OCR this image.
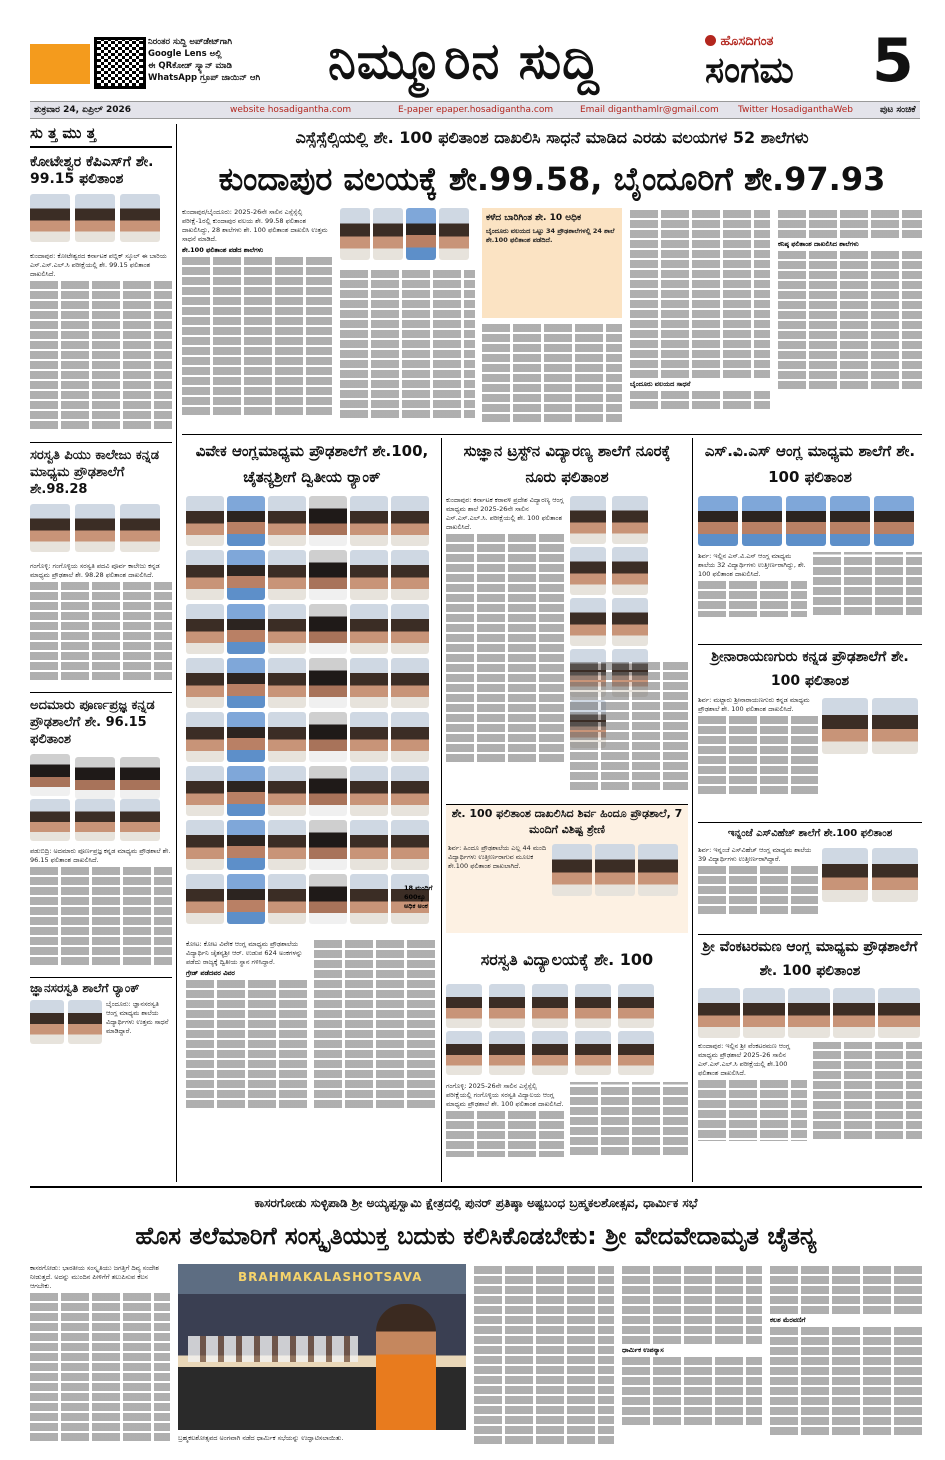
ನಿರಂತರ ಸುದ್ದಿ ಅಪ್‌ಡೇಟ್‌ಗಾಗಿ
Google Lens ಅಲ್ಲಿ
ಈ QRಕೋಡ್ ಸ್ಕ್ಯಾನ್ ಮಾಡಿ
WhatsApp ಗ್ರೂಪ್ ಜಾಯಿನ್ ಆಗಿ	ನಿಮ್ಮೂರಿನ ಸುದ್ದಿ	ಹೊಸದಿಗಂತ
ಸಂಗಮ 5
ಶುಕ್ರವಾರ 24, ಏಪ್ರಿಲ್ 2026	website hosadigantha.com	E-paper epaper.hosadigantha.com	Email diganthamlr@gmail.com Twitter HosadiganthaWeb	ಪುಟ ಸಂಚಿಕೆ
ಸು ತ್ತ ಮು ತ್ತ
ಕೋಟೇಶ್ವರ ಕೆಪಿಎಸ್‌ಗೆ ಶೇ. 99.15 ಫಲಿತಾಂಶ

ಕುಂದಾಪುರ: ಕೋಟೇಶ್ವರದ ಕರ್ನಾಟಕ ಪಬ್ಲಿಕ್ ಸ್ಕೂಲ್ ಈ ಬಾರಿಯ ಎಸ್.ಎಸ್.ಎಲ್.ಸಿ ಪರೀಕ್ಷೆಯಲ್ಲಿ ಶೇ. 99.15 ಫಲಿತಾಂಶ ದಾಖಲಿಸಿದೆ.

ಸರಸ್ವತಿ ಪಿಯು ಕಾಲೇಜು ಕನ್ನಡ ಮಾಧ್ಯಮ ಪ್ರೌಢಶಾಲೆಗೆ ಶೇ.98.28

ಗಂಗೊಳ್ಳಿ: ಗಂಗೊಳ್ಳಿಯ ಸರಸ್ವತಿ ಪದವಿ ಪೂರ್ವ ಕಾಲೇಜು ಕನ್ನಡ ಮಾಧ್ಯಮ ಪ್ರೌಢಶಾಲೆ ಶೇ. 98.28 ಫಲಿತಾಂಶ ದಾಖಲಿಸಿದೆ.

ಅದಮಾರು ಪೂರ್ಣಪ್ರಜ್ಞ ಕನ್ನಡ ಪ್ರೌಢಶಾಲೆಗೆ ಶೇ. 96.15 ಫಲಿತಾಂಶ

ಪಡುಬಿದ್ರಿ: ಅದಮಾರು ಪೂರ್ಣಪ್ರಜ್ಞ ಕನ್ನಡ ಮಾಧ್ಯಮ ಪ್ರೌಢಶಾಲೆ ಶೇ. 96.15 ಫಲಿತಾಂಶ ದಾಖಲಿಸಿದೆ.

ಜ್ಞಾನಸರಸ್ವತಿ ಶಾಲೆಗೆ ರ‍್ಯಾಂಕ್
ಬೈಂದೂರು: ಜ್ಞಾನಸರಸ್ವತಿ ಆಂಗ್ಲ ಮಾಧ್ಯಮ ಶಾಲೆಯ ವಿದ್ಯಾರ್ಥಿಗಳು ಉತ್ತಮ ಸಾಧನೆ ಮಾಡಿದ್ದಾರೆ.
ಎಸ್ಸೆಸ್ಸೆಲ್ಸಿಯಲ್ಲಿ ಶೇ. 100 ಫಲಿತಾಂಶ ದಾಖಲಿಸಿ ಸಾಧನೆ ಮಾಡಿದ ಎರಡು ವಲಯಗಳ 52 ಶಾಲೆಗಳು
ಕುಂದಾಪುರ ವಲಯಕ್ಕೆ ಶೇ.99.58, ಬೈಂದೂರಿಗೆ ಶೇ.97.93

ಕುಂದಾಪುರ/ಬೈಂದೂರು: 2025-26ನೇ ಸಾಲಿನ ಎಸ್ಸೆಸ್ಸೆಲ್ಸಿ ಪರೀಕ್ಷೆ-1ರಲ್ಲಿ ಕುಂದಾಪುರ ವಲಯ ಶೇ. 99.58 ಫಲಿತಾಂಶ ದಾಖಲಿಸಿದ್ದು, 28 ಶಾಲೆಗಳು ಶೇ. 100 ಫಲಿತಾಂಶ ದಾಖಲಿಸಿ ಉತ್ತಮ ಸಾಧನೆ ಮಾಡಿದೆ.

ಶೇ.100 ಫಲಿತಾಂಶ ಪಡೆದ ಶಾಲೆಗಳು

ಕಳೆದ ಬಾರಿಗಿಂತ ಶೇ. 10 ಅಧಿಕ
ಬೈಂದೂರು ವಲಯದ ಒಟ್ಟು 34 ಪ್ರೌಢಶಾಲೆಗಳಲ್ಲಿ 24 ಶಾಲೆ ಶೇ.100 ಫಲಿತಾಂಶ ಪಡೆದಿದೆ.

ಬೈಂದೂರು ವಲಯದ ಸಾಧನೆ

ಕನಿಷ್ಠ ಫಲಿತಾಂಶ ದಾಖಲಿಸಿದ ಶಾಲೆಗಳು

ವಿವೇಕ ಆಂಗ್ಲಮಾಧ್ಯಮ ಪ್ರೌಢಶಾಲೆಗೆ ಶೇ.100, ಚೈತನ್ಯಶ್ರೀಗೆ ದ್ವಿತೀಯ ರ‍್ಯಾಂಕ್
18 ಮಂದಿಗೆ 600ಕ್ಕೂ ಅಧಿಕ ಅಂಕ

ಕೋಟ: ಕೋಟ ವಿವೇಕ ಆಂಗ್ಲ ಮಾಧ್ಯಮ ಪ್ರೌಢಶಾಲೆಯ ವಿದ್ಯಾರ್ಥಿನಿ ಚೈತನ್ಯಶ್ರೀ ಆರ್. ಉಡುಪ 624 ಅಂಕಗಳನ್ನು ಪಡೆದು ರಾಜ್ಯಕ್ಕೆ ದ್ವಿತೀಯ ಸ್ಥಾನ ಗಳಿಸಿದ್ದಾರೆ.

ಗ್ರೇಡ್ ಪಡೆದವರ ವಿವರ

ಸುಜ್ಞಾನ ಟ್ರಸ್ಟ್‌ನ ವಿದ್ಯಾರಣ್ಯ ಶಾಲೆಗೆ ನೂರಕ್ಕೆ ನೂರು ಫಲಿತಾಂಶ

ಕುಂದಾಪುರ: ಕರ್ನಾಟಕ ಕರಾವಳಿ ಪ್ರದೇಶ ವಿದ್ಯಾರಣ್ಯ ಆಂಗ್ಲ ಮಾಧ್ಯಮ ಶಾಲೆ 2025-26ನೇ ಸಾಲಿನ ಎಸ್.ಎಸ್.ಎಲ್.ಸಿ. ಪರೀಕ್ಷೆಯಲ್ಲಿ ಶೇ. 100 ಫಲಿತಾಂಶ ದಾಖಲಿಸಿದೆ.

ಶೇ. 100 ಫಲಿತಾಂಶ ದಾಖಲಿಸಿದ ಶಿರ್ವ ಹಿಂದೂ ಪ್ರೌಢಶಾಲೆ, 7 ಮಂದಿಗೆ ವಿಶಿಷ್ಟ ಶ್ರೇಣಿ
ಶಿರ್ವ: ಹಿಂದೂ ಪ್ರೌಢಶಾಲೆಯ ಎಲ್ಲ 44 ಮಂದಿ ವಿದ್ಯಾರ್ಥಿಗಳು ಉತ್ತೀರ್ಣರಾಗುವ ಮೂಲಕ ಶೇ.100 ಫಲಿತಾಂಶ ದಾಖಲಾಗಿದೆ.
ಸರಸ್ವತಿ ವಿದ್ಯಾಲಯಕ್ಕೆ ಶೇ. 100

ಗಂಗೊಳ್ಳಿ: 2025-26ನೇ ಸಾಲಿನ ಎಸ್ಸೆಸ್ಸೆಲ್ಸಿ ಪರೀಕ್ಷೆಯಲ್ಲಿ ಗಂಗೊಳ್ಳಿಯ ಸರಸ್ವತಿ ವಿದ್ಯಾಲಯ ಆಂಗ್ಲ ಮಾಧ್ಯಮ ಪ್ರೌಢಶಾಲೆ ಶೇ. 100 ಫಲಿತಾಂಶ ದಾಖಲಿಸಿದೆ.

ಎಸ್.ವಿ.ಎಸ್ ಆಂಗ್ಲ ಮಾಧ್ಯಮ ಶಾಲೆಗೆ ಶೇ. 100 ಫಲಿತಾಂಶ

ಶಿರ್ವ: ಇಲ್ಲಿನ ಎಸ್.ವಿ.ಎಸ್ ಆಂಗ್ಲ ಮಾಧ್ಯಮ ಶಾಲೆಯ 32 ವಿದ್ಯಾರ್ಥಿಗಳು ಉತ್ತೀರ್ಣರಾಗಿದ್ದು, ಶೇ. 100 ಫಲಿತಾಂಶ ದಾಖಲಿಸಿದೆ.

ಶ್ರೀನಾರಾಯಣಗುರು ಕನ್ನಡ ಪ್ರೌಢಶಾಲೆಗೆ ಶೇ. 100 ಫಲಿತಾಂಶ

ಶಿರ್ವ: ಮಟ್ಟಾರು ಶ್ರೀನಾರಾಯಣಗುರು ಕನ್ನಡ ಮಾಧ್ಯಮ ಪ್ರೌಢಶಾಲೆ ಶೇ. 100 ಫಲಿತಾಂಶ ದಾಖಲಿಸಿದೆ.

ಇನ್ನಂಜೆ ಎಸ್‌ವಿಹೆಚ್ ಶಾಲೆಗೆ ಶೇ.100 ಫಲಿತಾಂಶ

ಶಿರ್ವ: ಇನ್ನಂಜೆ ಎಸ್‌ವಿಹೆಚ್ ಆಂಗ್ಲ ಮಾಧ್ಯಮ ಶಾಲೆಯ 39 ವಿದ್ಯಾರ್ಥಿಗಳು ಉತ್ತೀರ್ಣರಾಗಿದ್ದಾರೆ.

ಶ್ರೀ ವೆಂಕಟರಮಣ ಆಂಗ್ಲ ಮಾಧ್ಯಮ ಪ್ರೌಢಶಾಲೆಗೆ ಶೇ. 100 ಫಲಿತಾಂಶ

ಕುಂದಾಪುರ: ಇಲ್ಲಿನ ಶ್ರೀ ವೆಂಕಟರಮಣ ಆಂಗ್ಲ ಮಾಧ್ಯಮ ಪ್ರೌಢಶಾಲೆ 2025-26 ಸಾಲಿನ ಎಸ್.ಎಸ್.ಎಲ್.ಸಿ ಪರೀಕ್ಷೆಯಲ್ಲಿ ಶೇ.100 ಫಲಿತಾಂಶ ದಾಖಲಿಸಿದೆ.

ಕಾಸರಗೋಡು ಸುಳ್ಳಿಪಾಡಿ ಶ್ರೀ ಅಯ್ಯಪ್ಪಸ್ವಾಮಿ ಕ್ಷೇತ್ರದಲ್ಲಿ ಪುನರ್ ಪ್ರತಿಷ್ಠಾ ಅಷ್ಟಬಂಧ ಬ್ರಹ್ಮಕಲಶೋತ್ಸವ, ಧಾರ್ಮಿಕ ಸಭೆ
ಹೊಸ ತಲೆಮಾರಿಗೆ ಸಂಸ್ಕೃತಿಯುಕ್ತ ಬದುಕು ಕಲಿಸಿಕೊಡಬೇಕು: ಶ್ರೀ ವೇದವೇದಾಮೃತ ಚೈತನ್ಯ

ಕಾಸರಗೋಡು: ಭಾರತೀಯ ಸಂಸ್ಕೃತಿಯು ಜಗತ್ತಿಗೆ ದಿವ್ಯ ಸಂದೇಶ ನೀಡುತ್ತದೆ. ಅದನ್ನು ಮುಂದಿನ ಪೀಳಿಗೆಗೆ ತಲುಪಿಸುವ ಕೆಲಸ ಆಗಬೇಕು.

BRAHMAKALASHOTSAVA
ಬ್ರಹ್ಮಕಲಶೋತ್ಸವದ ಅಂಗವಾಗಿ ನಡೆದ ಧಾರ್ಮಿಕ ಸಭೆಯನ್ನು ಉದ್ಘಾಟಿಸಲಾಯಿತು.

ಧಾರ್ಮಿಕ ಉಪನ್ಯಾಸ

ಕಲಶ ಮೆರವಣಿಗೆ
